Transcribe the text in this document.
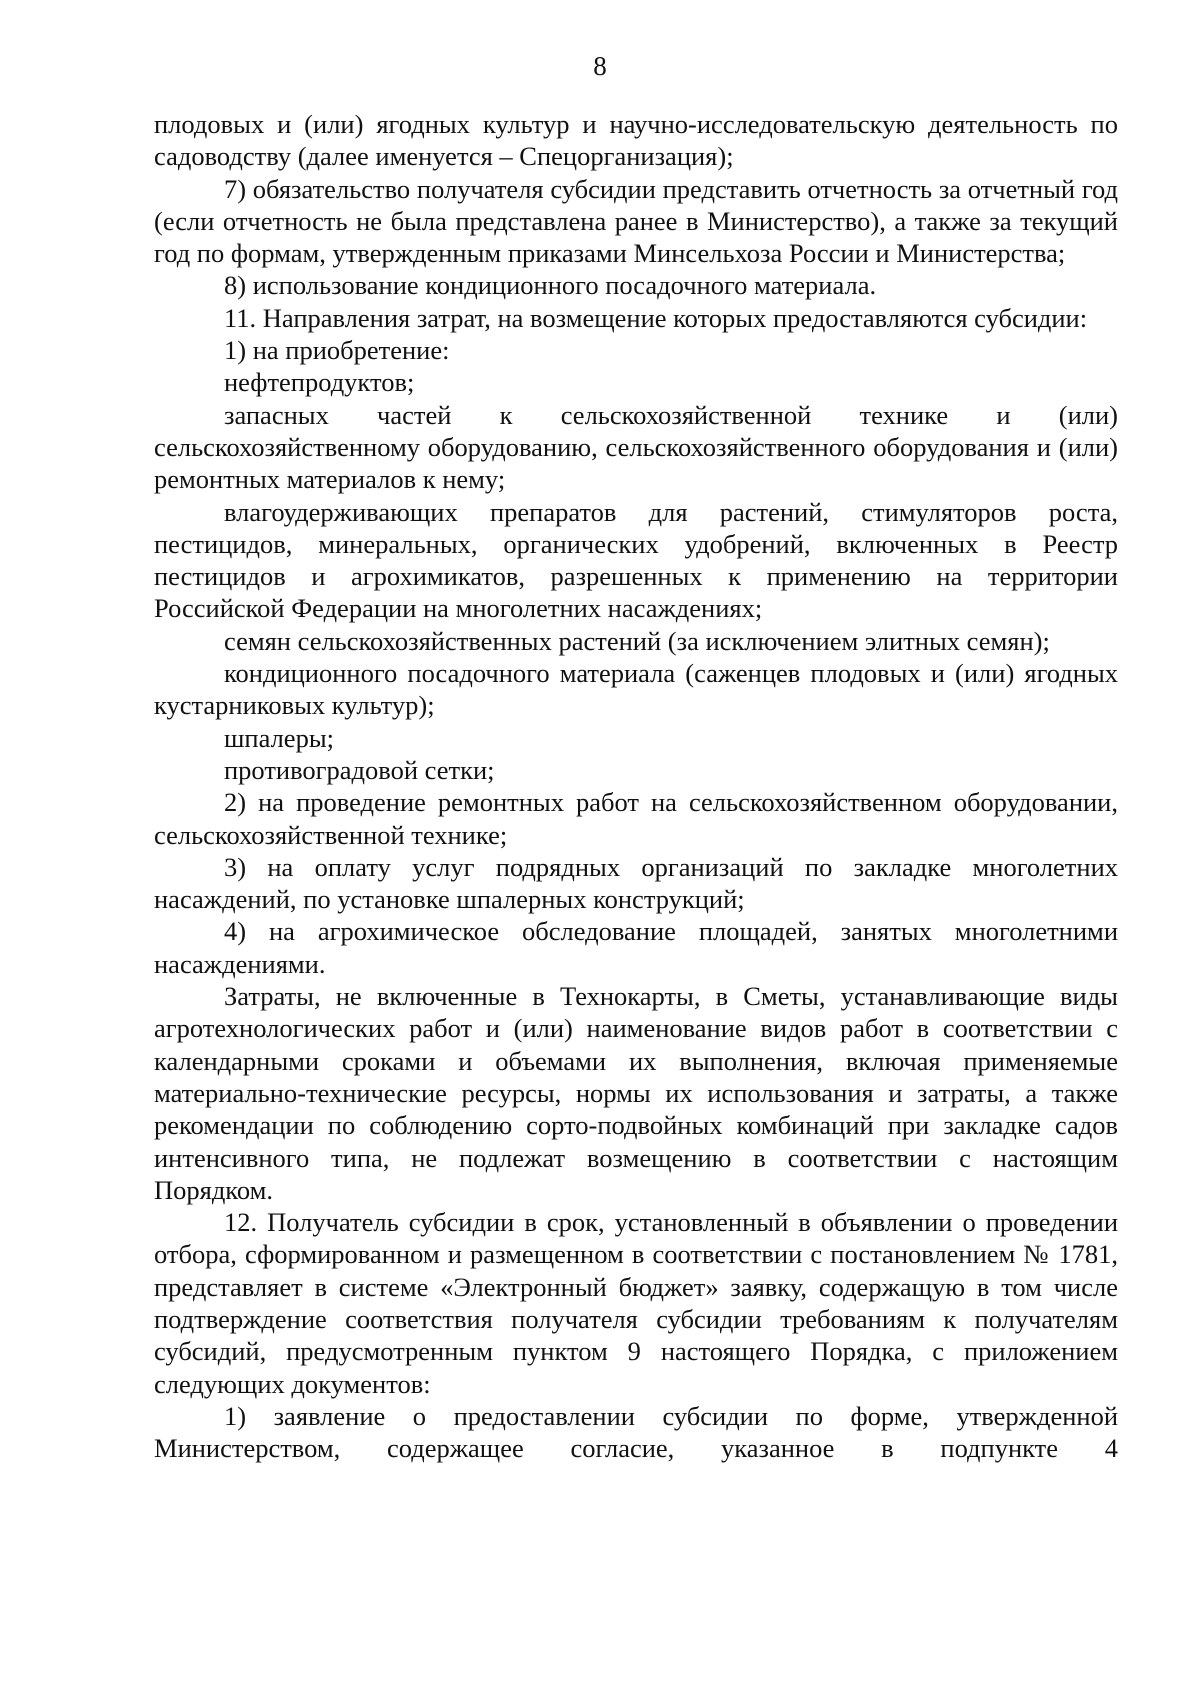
8

плодовых и (или) ягодных культур и научно-исследовательскую деятельность по садоводству (далее именуется – Спецорганизация);

7) обязательство получателя субсидии представить отчетность за отчетный год (если отчетность не была представлена ранее в Министерство), а также за текущий год по формам, утвержденным приказами Минсельхоза России и Министерства;

8) использование кондиционного посадочного материала.

11. Направления затрат, на возмещение которых предоставляются субсидии:

1) на приобретение:

нефтепродуктов;

запасных частей к сельскохозяйственной технике и (или) сельскохозяйственному оборудованию, сельскохозяйственного оборудования и (или) ремонтных материалов к нему;

влагоудерживающих препаратов для растений, стимуляторов роста, пестицидов, минеральных, органических удобрений, включенных в Реестр пестицидов и агрохимикатов, разрешенных к применению на территории Российской Федерации на многолетних насаждениях;

семян сельскохозяйственных растений (за исключением элитных семян);

кондиционного посадочного материала (саженцев плодовых и (или) ягодных кустарниковых культур);

шпалеры;

противоградовой сетки;

2) на проведение ремонтных работ на сельскохозяйственном оборудовании, сельскохозяйственной технике;

3) на оплату услуг подрядных организаций по закладке многолетних насаждений, по установке шпалерных конструкций;

4) на агрохимическое обследование площадей, занятых многолетними насаждениями.

Затраты, не включенные в Технокарты, в Сметы, устанавливающие виды агротехнологических работ и (или) наименование видов работ в соответствии с календарными сроками и объемами их выполнения, включая применяемые материально-технические ресурсы, нормы их использования и затраты, а также рекомендации по соблюдению сорто-подвойных комбинаций при закладке садов интенсивного типа, не подлежат возмещению в соответствии с настоящим Порядком.

12. Получатель субсидии в срок, установленный в объявлении о проведении отбора, сформированном и размещенном в соответствии с постановлением № 1781, представляет в системе «Электронный бюджет» заявку, содержащую в том числе подтверждение соответствия получателя субсидии требованиям к получателям субсидий, предусмотренным пунктом 9 настоящего Порядка, с приложением следующих документов:

1) заявление о предоставлении субсидии по форме, утвержденной Министерством, содержащее согласие, указанное в подпункте 4
